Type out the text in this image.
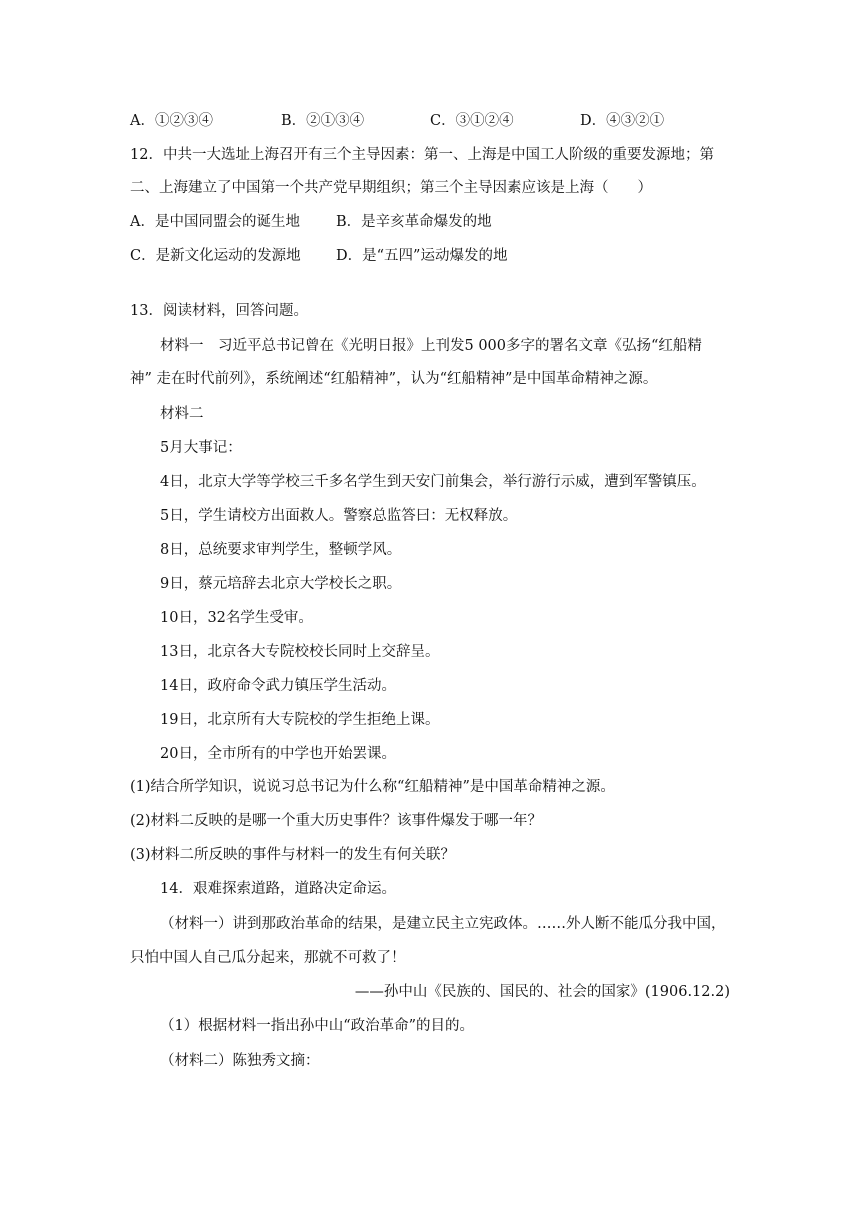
A．①②③④	B．②①③④	C．③①②④	D．④③②①
12．中共一大选址上海召开有三个主导因素：第一、上海是中国工人阶级的重要发源地；第
二、上海建立了中国第一个共产党早期组织；第三个主导因素应该是上海（　　）
A．是中国同盟会的诞生地 B．是辛亥革命爆发的地
C．是新文化运动的发源地 D．是“五四”运动爆发的地
13．阅读材料，回答问题。
材料一　习近平总书记曾在《光明日报》上刊发5 000多字的署名文章《弘扬“红船精
神” 走在时代前列》，系统阐述“红船精神”，认为“红船精神”是中国革命精神之源。
材料二
5月大事记：
4日，北京大学等学校三千多名学生到天安门前集会，举行游行示威，遭到军警镇压。
5日，学生请校方出面救人。警察总监答曰：无权释放。
8日，总统要求审判学生，整顿学风。
9日，蔡元培辞去北京大学校长之职。
10日，32名学生受审。
13日，北京各大专院校校长同时上交辞呈。
14日，政府命令武力镇压学生活动。
19日，北京所有大专院校的学生拒绝上课。
20日，全市所有的中学也开始罢课。
(1)结合所学知识，说说习总书记为什么称“红船精神”是中国革命精神之源。
(2)材料二反映的是哪一个重大历史事件？该事件爆发于哪一年？
(3)材料二所反映的事件与材料一的发生有何关联？
14．艰难探索道路，道路决定命运。
（材料一）讲到那政治革命的结果，是建立民主立宪政体。……外人断不能瓜分我中国，
只怕中国人自己瓜分起来，那就不可救了！
——孙中山《民族的、国民的、社会的国家》(1906.12.2)
（1）根据材料一指出孙中山“政治革命”的目的。
（材料二）陈独秀文摘：
